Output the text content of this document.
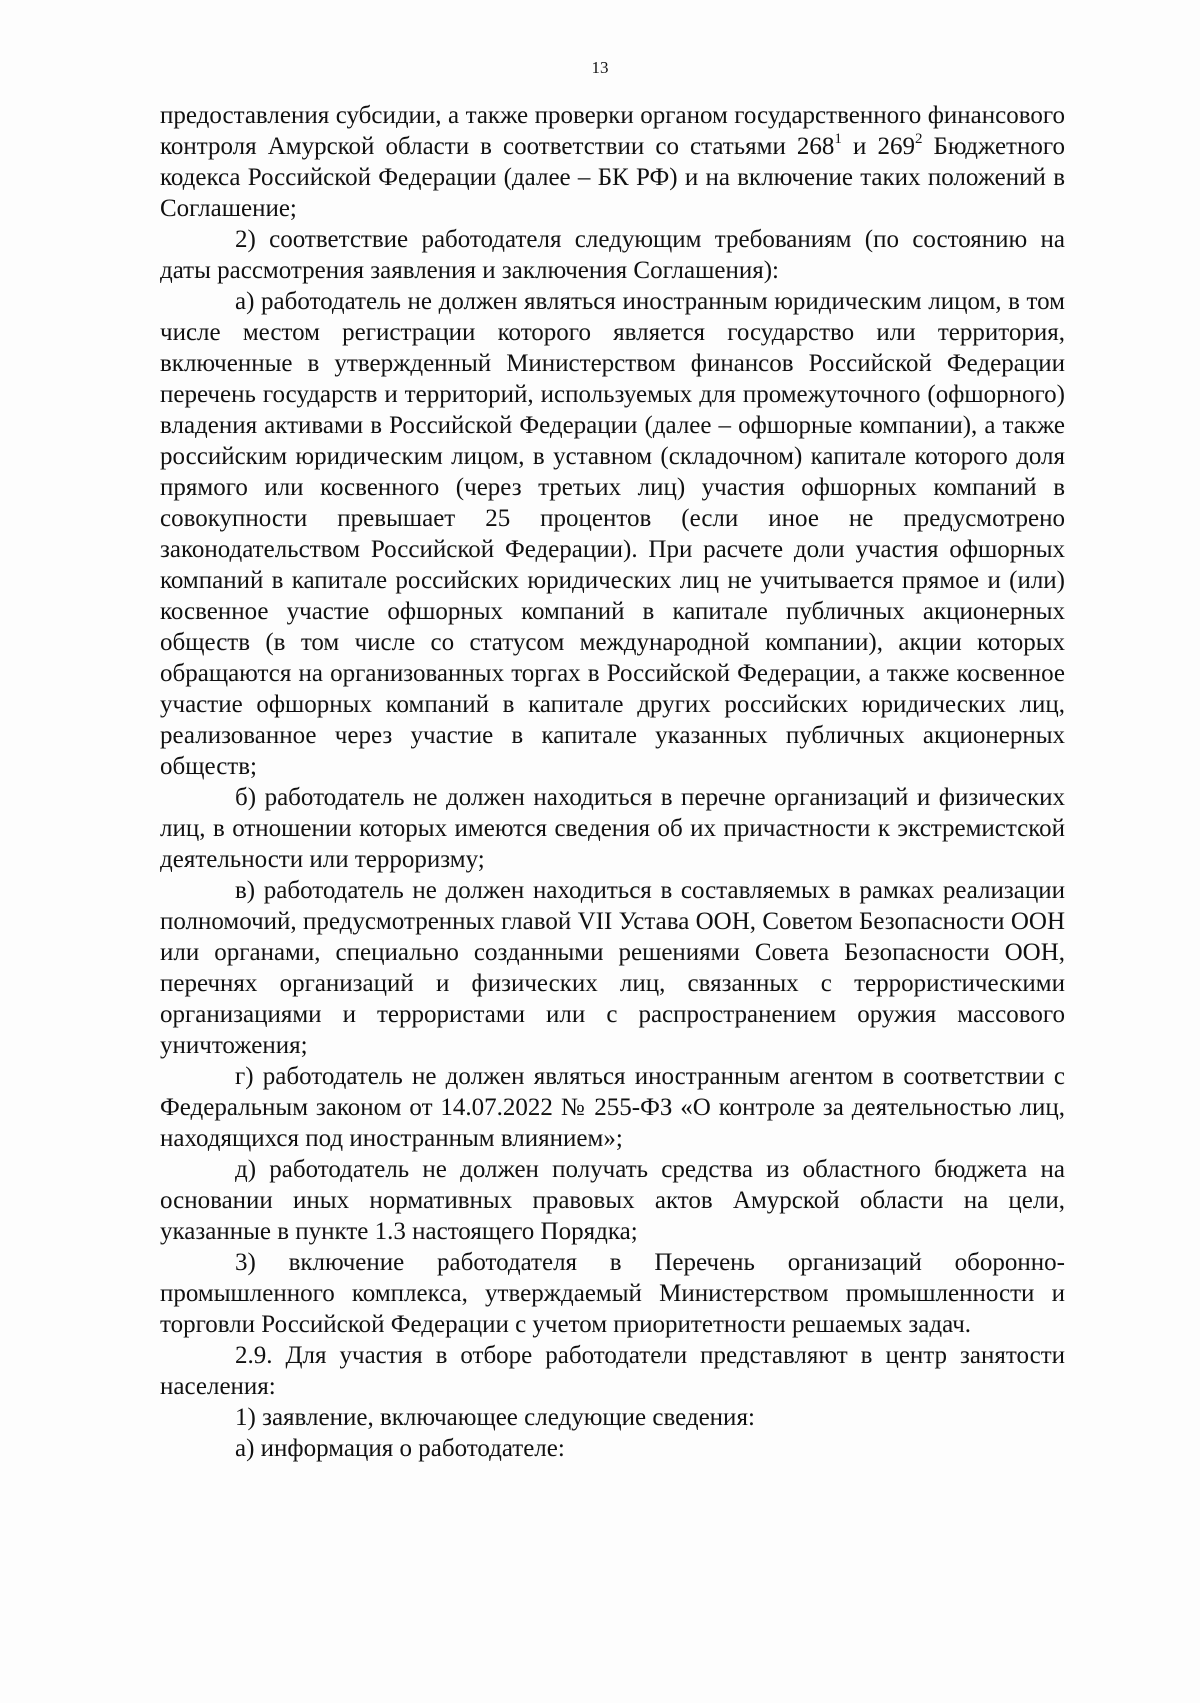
13

предоставления субсидии, а также проверки органом государственного финансового контроля Амурской области в соответствии со статьями $268^1$ и $269^2$ Бюджетного кодекса Российской Федерации (далее – БК РФ) и на включение таких положений в Соглашение;

2) соответствие работодателя следующим требованиям (по состоянию на даты рассмотрения заявления и заключения Соглашения):

а) работодатель не должен являться иностранным юридическим лицом, в том числе местом регистрации которого является государство или территория, включенные в утвержденный Министерством финансов Российской Федерации перечень государств и территорий, используемых для промежуточного (офшорного) владения активами в Российской Федерации (далее – офшорные компании), а также российским юридическим лицом, в уставном (складочном) капитале которого доля прямого или косвенного (через третьих лиц) участия офшорных компаний в совокупности превышает 25 процентов (если иное не предусмотрено законодательством Российской Федерации). При расчете доли участия офшорных компаний в капитале российских юридических лиц не учитывается прямое и (или) косвенное участие офшорных компаний в капитале публичных акционерных обществ (в том числе со статусом международной компании), акции которых обращаются на организованных торгах в Российской Федерации, а также косвенное участие офшорных компаний в капитале других российских юридических лиц, реализованное через участие в капитале указанных публичных акционерных обществ;

б) работодатель не должен находиться в перечне организаций и физических лиц, в отношении которых имеются сведения об их причастности к экстремистской деятельности или терроризму;

в) работодатель не должен находиться в составляемых в рамках реализации полномочий, предусмотренных главой VII Устава ООН, Советом Безопасности ООН или органами, специально созданными решениями Совета Безопасности ООН, перечнях организаций и физических лиц, связанных с террористическими организациями и террористами или с распространением оружия массового уничтожения;

г) работодатель не должен являться иностранным агентом в соответствии с Федеральным законом от 14.07.2022 № 255-ФЗ «О контроле за деятельностью лиц, находящихся под иностранным влиянием»;

д) работодатель не должен получать средства из областного бюджета на основании иных нормативных правовых актов Амурской области на цели, указанные в пункте 1.3 настоящего Порядка;

3) включение работодателя в Перечень организаций оборонно-промышленного комплекса, утверждаемый Министерством промышленности и торговли Российской Федерации с учетом приоритетности решаемых задач.

2.9. Для участия в отборе работодатели представляют в центр занятости населения:

1) заявление, включающее следующие сведения:

а) информация о работодателе:
